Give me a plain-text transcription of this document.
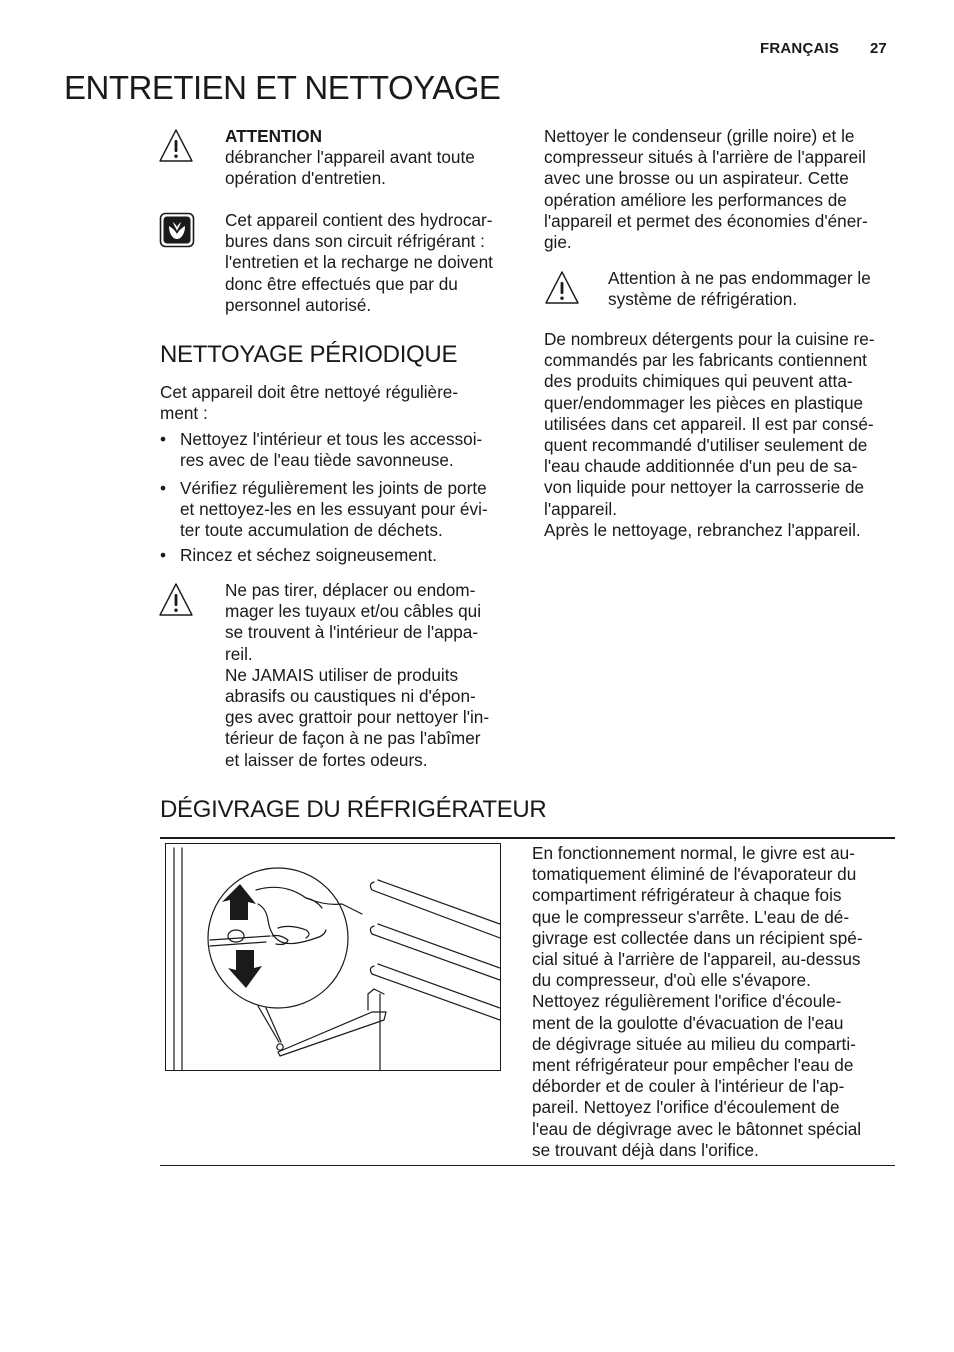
FRANÇAIS 27
ENTRETIEN ET NETTOYAGE
ATTENTION
débrancher l'appareil avant toute
opération d'entretien.
Cet appareil contient des hydrocar-
bures dans son circuit réfrigérant :
l'entretien et la recharge ne doivent
donc être effectués que par du
personnel autorisé.
NETTOYAGE PÉRIODIQUE
Cet appareil doit être nettoyé régulière-
ment :
• Nettoyez l'intérieur et tous les accessoi-
res avec de l'eau tiède savonneuse.
• Vérifiez régulièrement les joints de porte
et nettoyez-les en les essuyant pour évi-
ter toute accumulation de déchets.
• Rincez et séchez soigneusement.
Ne pas tirer, déplacer ou endom-
mager les tuyaux et/ou câbles qui
se trouvent à l'intérieur de l'appa-
reil.
Ne JAMAIS utiliser de produits
abrasifs ou caustiques ni d'épon-
ges avec grattoir pour nettoyer l'in-
térieur de façon à ne pas l'abîmer
et laisser de fortes odeurs.
Nettoyer le condenseur (grille noire) et le
compresseur situés à l'arrière de l'appareil
avec une brosse ou un aspirateur. Cette
opération améliore les performances de
l'appareil et permet des économies d'éner-
gie.
Attention à ne pas endommager le
système de réfrigération.
De nombreux détergents pour la cuisine re-
commandés par les fabricants contiennent
des produits chimiques qui peuvent atta-
quer/endommager les pièces en plastique
utilisées dans cet appareil. Il est par consé-
quent recommandé d'utiliser seulement de
l'eau chaude additionnée d'un peu de sa-
von liquide pour nettoyer la carrosserie de
l'appareil.
Après le nettoyage, rebranchez l'appareil.
DÉGIVRAGE DU RÉFRIGÉRATEUR
En fonctionnement normal, le givre est au-
tomatiquement éliminé de l'évaporateur du
compartiment réfrigérateur à chaque fois
que le compresseur s'arrête. L'eau de dé-
givrage est collectée dans un récipient spé-
cial situé à l'arrière de l'appareil, au-dessus
du compresseur, d'où elle s'évapore.
Nettoyez régulièrement l'orifice d'écoule-
ment de la goulotte d'évacuation de l'eau
de dégivrage située au milieu du comparti-
ment réfrigérateur pour empêcher l'eau de
déborder et de couler à l'intérieur de l'ap-
pareil. Nettoyez l'orifice d'écoulement de
l'eau de dégivrage avec le bâtonnet spécial
se trouvant déjà dans l'orifice.
